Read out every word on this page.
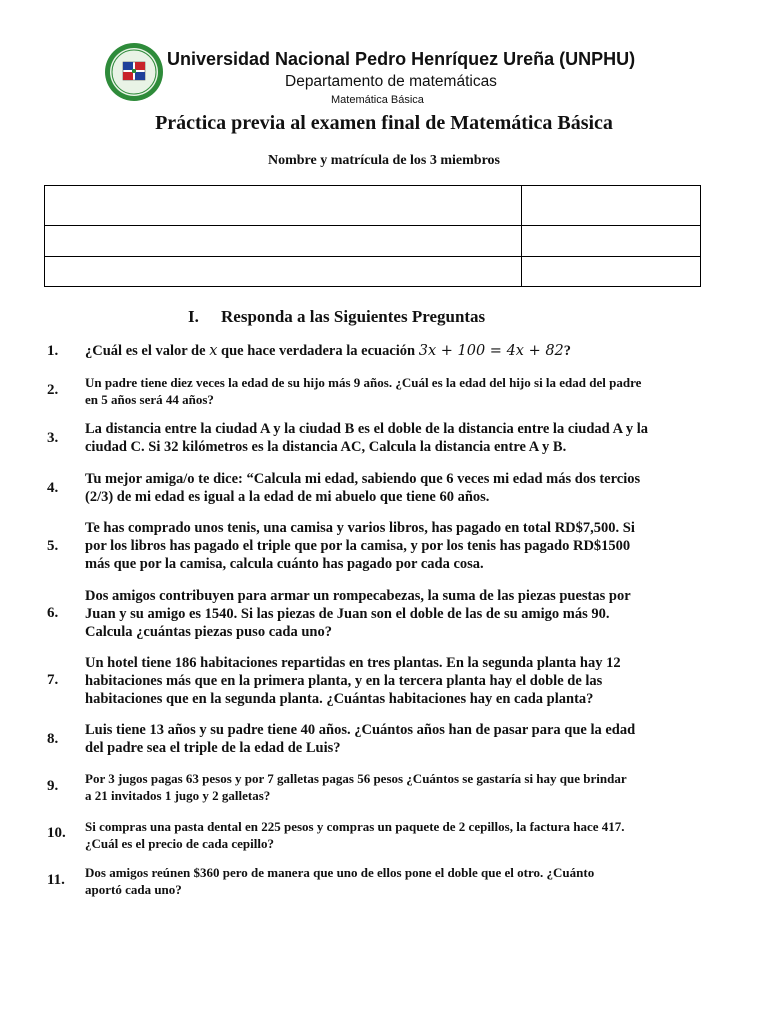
Universidad Nacional Pedro Henríquez Ureña (UNPHU)
Departamento de matemáticas
Matemática Básica
Práctica previa al examen final de Matemática Básica
Nombre y matrícula de los 3 miembros

I. Responda a las Siguientes Preguntas
1. ¿Cuál es el valor de x que hace verdadera la ecuación 3x + 100 = 4x + 82?
2. Un padre tiene diez veces la edad de su hijo más 9 años. ¿Cuál es la edad del hijo si la edad del padre
en 5 años será 44 años?
3.
La distancia entre la ciudad A y la ciudad B es el doble de la distancia entre la ciudad A y la
ciudad C. Si 32 kilómetros es la distancia AC, Calcula la distancia entre A y B.
4.
Tu mejor amiga/o te dice: “Calcula mi edad, sabiendo que 6 veces mi edad más dos tercios
(2/3) de mi edad es igual a la edad de mi abuelo que tiene 60 años.
5.
Te has comprado unos tenis, una camisa y varios libros, has pagado en total RD$7,500. Si
por los libros has pagado el triple que por la camisa, y por los tenis has pagado RD$1500
más que por la camisa, calcula cuánto has pagado por cada cosa.
6.
Dos amigos contribuyen para armar un rompecabezas, la suma de las piezas puestas por
Juan y su amigo es 1540. Si las piezas de Juan son el doble de las de su amigo más 90.
Calcula ¿cuántas piezas puso cada uno?
7.
Un hotel tiene 186 habitaciones repartidas en tres plantas. En la segunda planta hay 12
habitaciones más que en la primera planta, y en la tercera planta hay el doble de las
habitaciones que en la segunda planta. ¿Cuántas habitaciones hay en cada planta?
8.
Luis tiene 13 años y su padre tiene 40 años. ¿Cuántos años han de pasar para que la edad
del padre sea el triple de la edad de Luis?
9. Por 3 jugos pagas 63 pesos y por 7 galletas pagas 56 pesos ¿Cuántos se gastaría si hay que brindar
a 21 invitados 1 jugo y 2 galletas?
10. Si compras una pasta dental en 225 pesos y compras un paquete de 2 cepillos, la factura hace 417.
¿Cuál es el precio de cada cepillo?
11. Dos amigos reúnen $360 pero de manera que uno de ellos pone el doble que el otro. ¿Cuánto
aportó cada uno?
